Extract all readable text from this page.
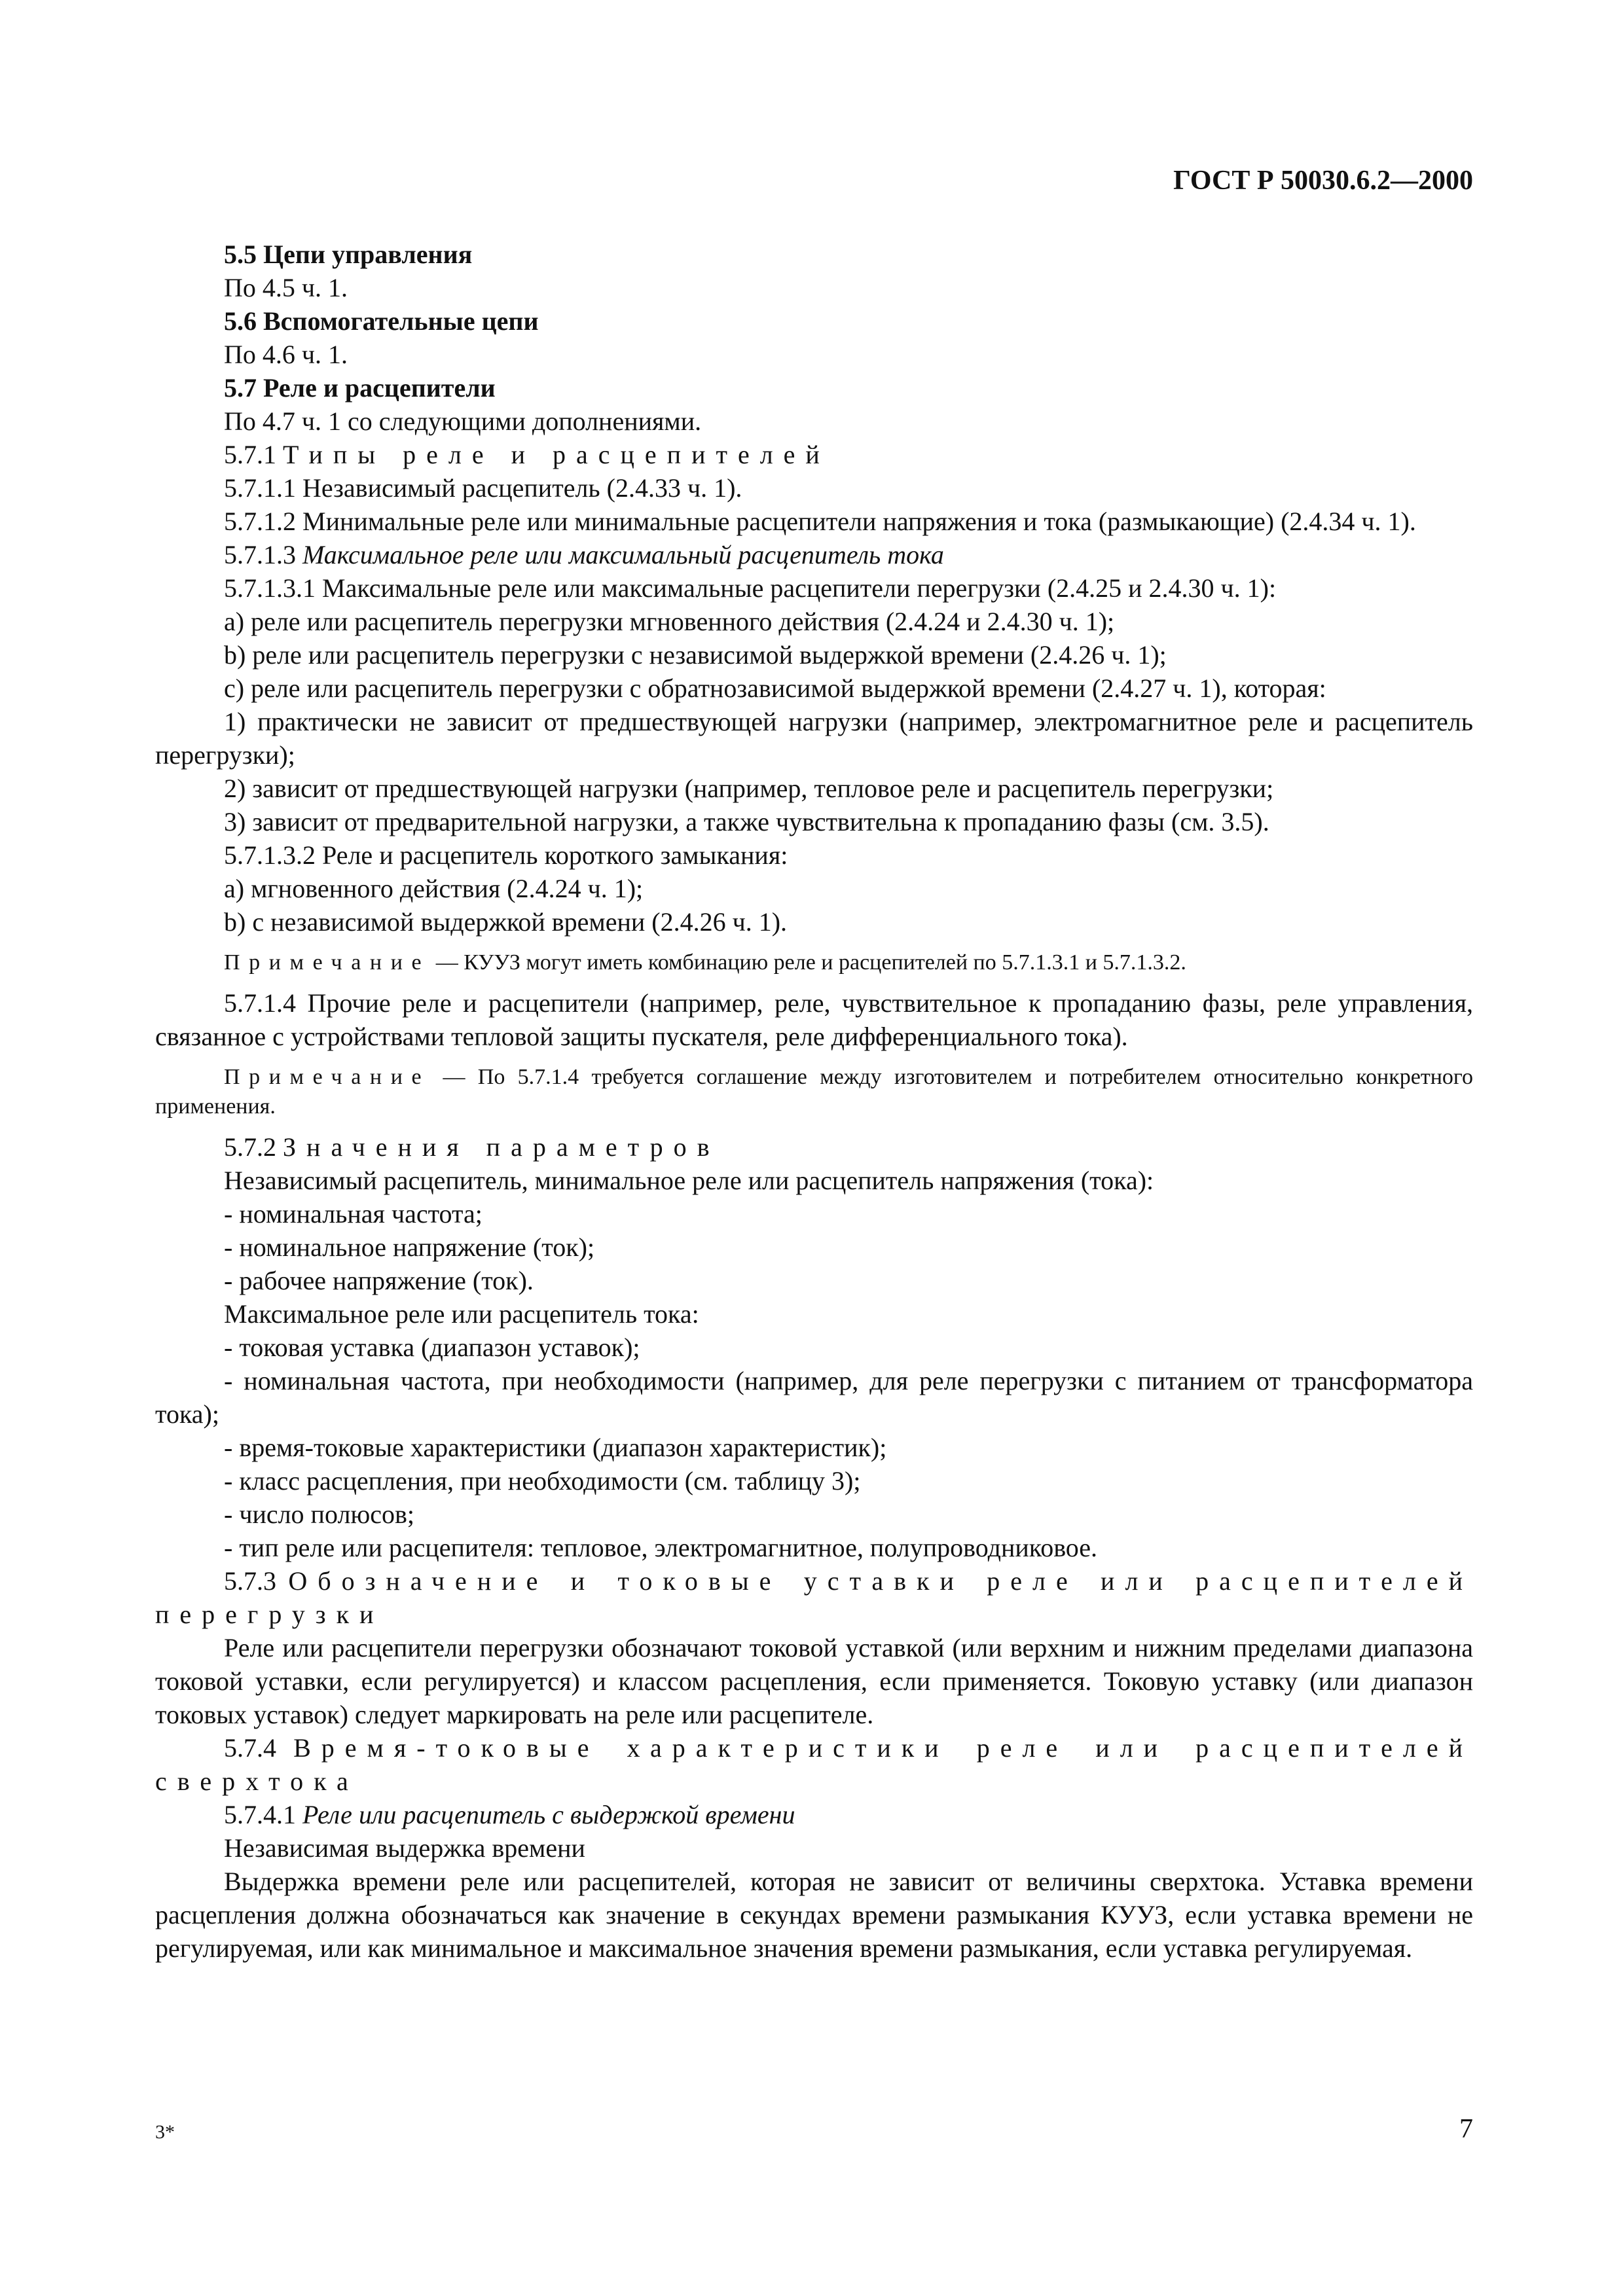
ГОСТ Р 50030.6.2—2000

5.5 Цепи управления

По 4.5 ч. 1.

5.6 Вспомогательные цепи

По 4.6 ч. 1.

5.7 Реле и расцепители

По 4.7 ч. 1 со следующими дополнениями.

5.7.1 Типы реле и расцепителей

5.7.1.1 Независимый расцепитель (2.4.33 ч. 1).

5.7.1.2 Минимальные реле или минимальные расцепители напряжения и тока (размыкающие) (2.4.34 ч. 1).

5.7.1.3 Максимальное реле или максимальный расцепитель тока

5.7.1.3.1 Максимальные реле или максимальные расцепители перегрузки (2.4.25 и 2.4.30 ч. 1):

а) реле или расцепитель перегрузки мгновенного действия (2.4.24 и 2.4.30 ч. 1);

b) реле или расцепитель перегрузки с независимой выдержкой времени (2.4.26 ч. 1);

с) реле или расцепитель перегрузки с обратнозависимой выдержкой времени (2.4.27 ч. 1), которая:

1) практически не зависит от предшествующей нагрузки (например, электромагнитное реле и расцепитель перегрузки);

2) зависит от предшествующей нагрузки (например, тепловое реле и расцепитель перегрузки;

3) зависит от предварительной нагрузки, а также чувствительна к пропаданию фазы (см. 3.5).

5.7.1.3.2 Реле и расцепитель короткого замыкания:

а) мгновенного действия (2.4.24 ч. 1);

b) с независимой выдержкой времени (2.4.26 ч. 1).

Примечание — КУУЗ могут иметь комбинацию реле и расцепителей по 5.7.1.3.1 и 5.7.1.3.2.

5.7.1.4 Прочие реле и расцепители (например, реле, чувствительное к пропаданию фазы, реле управления, связанное с устройствами тепловой защиты пускателя, реле дифференциального тока).

Примечание — По 5.7.1.4 требуется соглашение между изготовителем и потребителем относительно конкретного применения.

5.7.2 Значения параметров

Независимый расцепитель, минимальное реле или расцепитель напряжения (тока):

- номинальная частота;

- номинальное напряжение (ток);

- рабочее напряжение (ток).

Максимальное реле или расцепитель тока:

- токовая уставка (диапазон уставок);

- номинальная частота, при необходимости (например, для реле перегрузки с питанием от трансформатора тока);

- время-токовые характеристики (диапазон характеристик);

- класс расцепления, при необходимости (см. таблицу 3);

- число полюсов;

- тип реле или расцепителя: тепловое, электромагнитное, полупроводниковое.

5.7.3 Обозначение и токовые уставки реле или расцепителей перегрузки

Реле или расцепители перегрузки обозначают токовой уставкой (или верхним и нижним пределами диапазона токовой уставки, если регулируется) и классом расцепления, если применяется. Токовую уставку (или диапазон токовых уставок) следует маркировать на реле или расцепителе.

5.7.4 Время-токовые характеристики реле или расцепителей сверхтока

5.7.4.1 Реле или расцепитель с выдержкой времени

Независимая выдержка времени

Выдержка времени реле или расцепителей, которая не зависит от величины сверхтока. Уставка времени расцепления должна обозначаться как значение в секундах времени размыкания КУУЗ, если уставка времени не регулируемая, или как минимальное и максимальное значения времени размыкания, если уставка регулируемая.

3*	7
